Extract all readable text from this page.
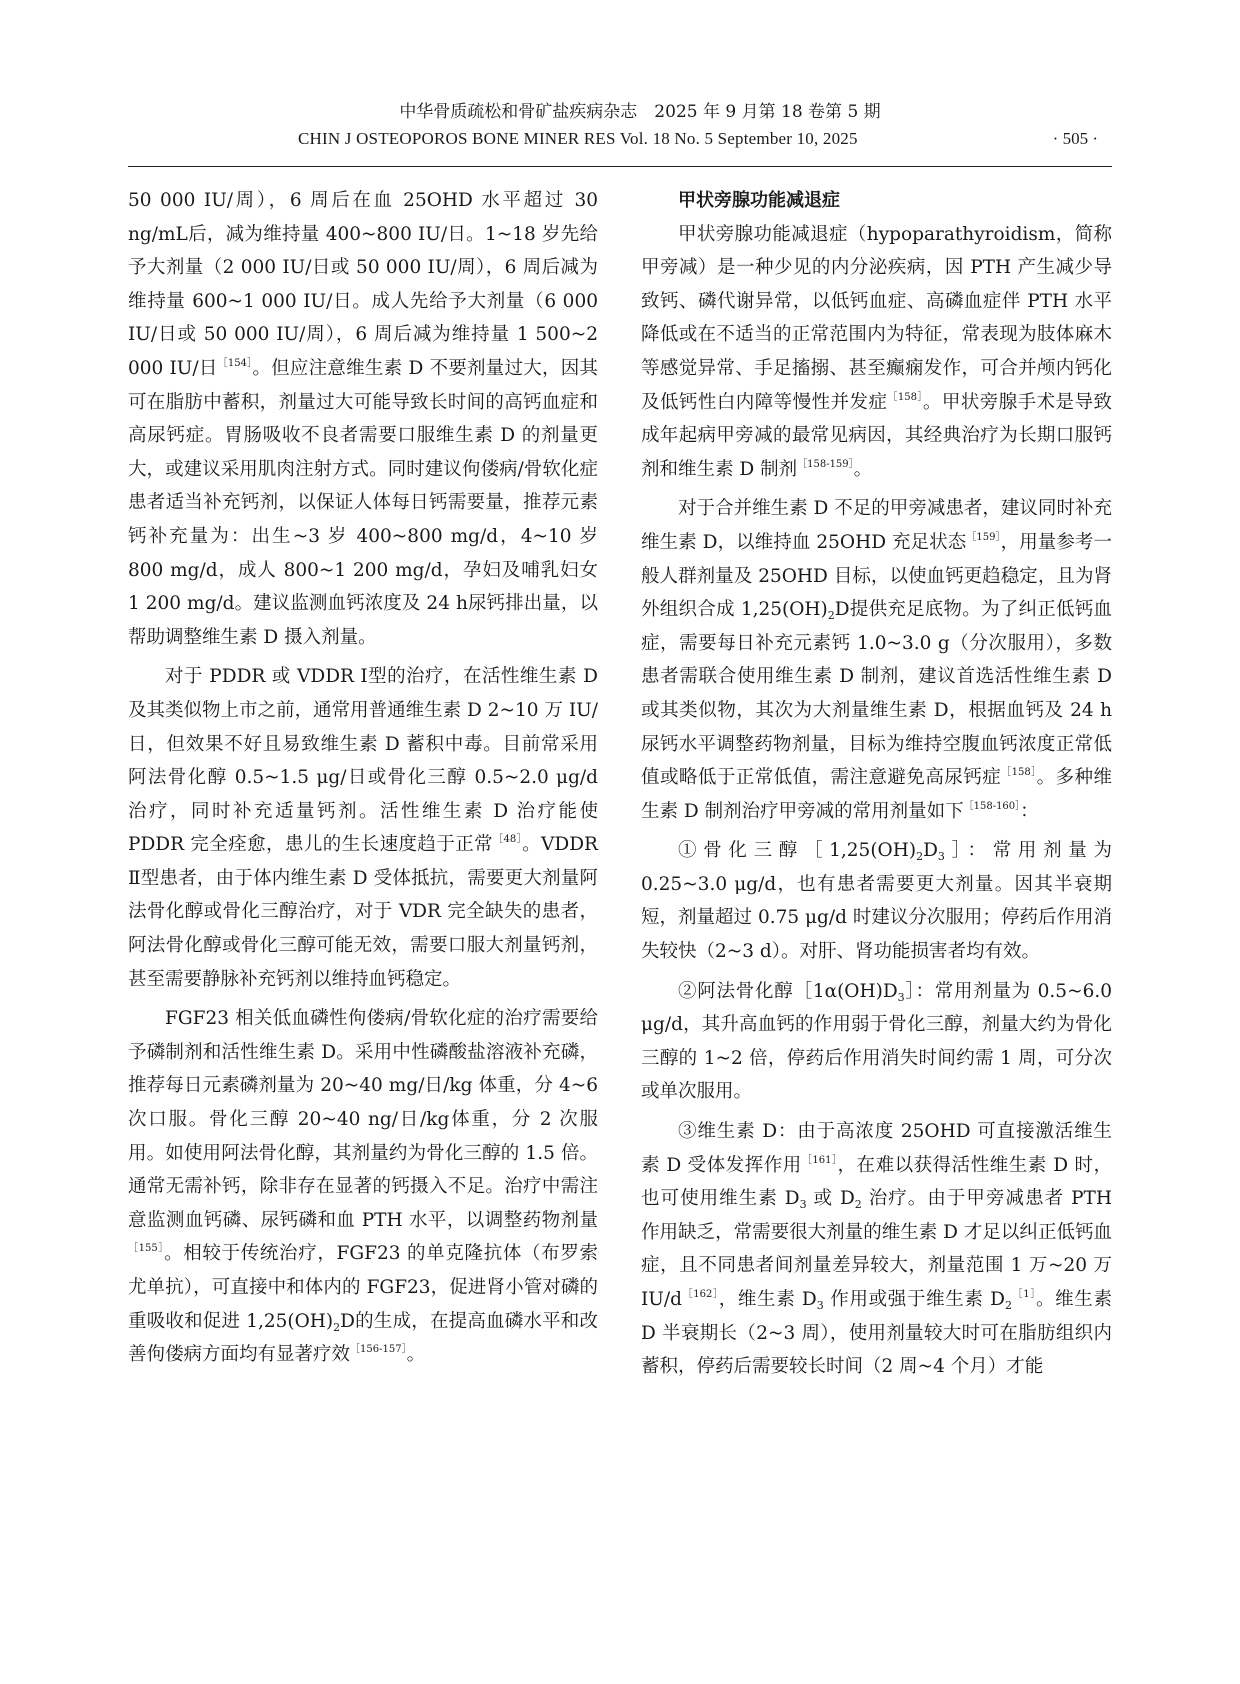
中华骨质疏松和骨矿盐疾病杂志　2025 年 9 月第 18 卷第 5 期
CHIN J OSTEOPOROS BONE MINER RES Vol. 18 No. 5 September 10, 2025	· 505 ·

50 000 IU/周），6 周后在血 25OHD 水平超过 30 ng/mL后，减为维持量 400~800 IU/日。1~18 岁先给予大剂量（2 000 IU/日或 50 000 IU/周），6 周后减为维持量 600~1 000 IU/日。成人先给予大剂量（6 000 IU/日或 50 000 IU/周），6 周后减为维持量 1 500~2 000 IU/日$^{[154]}$。但应注意维生素 D 不要剂量过大，因其可在脂肪中蓄积，剂量过大可能导致长时间的高钙血症和高尿钙症。胃肠吸收不良者需要口服维生素 D 的剂量更大，或建议采用肌肉注射方式。同时建议佝偻病/骨软化症患者适当补充钙剂，以保证人体每日钙需要量，推荐元素钙补充量为：出生~3 岁 400~800 mg/d，4~10 岁 800 mg/d，成人 800~1 200 mg/d，孕妇及哺乳妇女 1 200 mg/d。建议监测血钙浓度及 24 h尿钙排出量，以帮助调整维生素 D 摄入剂量。

对于 PDDR 或 VDDR Ⅰ型的治疗，在活性维生素 D 及其类似物上市之前，通常用普通维生素 D 2~10 万 IU/日，但效果不好且易致维生素 D 蓄积中毒。目前常采用阿法骨化醇 0.5~1.5 μg/日或骨化三醇 0.5~2.0 μg/d 治疗，同时补充适量钙剂。活性维生素 D 治疗能使 PDDR 完全痊愈，患儿的生长速度趋于正常$^{[48]}$。VDDR Ⅱ型患者，由于体内维生素 D 受体抵抗，需要更大剂量阿法骨化醇或骨化三醇治疗，对于 VDR 完全缺失的患者，阿法骨化醇或骨化三醇可能无效，需要口服大剂量钙剂，甚至需要静脉补充钙剂以维持血钙稳定。

FGF23 相关低血磷性佝偻病/骨软化症的治疗需要给予磷制剂和活性维生素 D。采用中性磷酸盐溶液补充磷，推荐每日元素磷剂量为 20~40 mg/日/kg 体重，分 4~6 次口服。骨化三醇 20~40 ng/日/kg体重，分 2 次服用。如使用阿法骨化醇，其剂量约为骨化三醇的 1.5 倍。通常无需补钙，除非存在显著的钙摄入不足。治疗中需注意监测血钙磷、尿钙磷和血 PTH 水平，以调整药物剂量$^{[155]}$。相较于传统治疗，FGF23 的单克隆抗体（布罗索尤单抗），可直接中和体内的 FGF23，促进肾小管对磷的重吸收和促进 $1,25(OH)_2D$的生成，在提高血磷水平和改善佝偻病方面均有显著疗效$^{[156-157]}$。

甲状旁腺功能减退症

甲状旁腺功能减退症（hypoparathyroidism，简称甲旁减）是一种少见的内分泌疾病，因 PTH 产生减少导致钙、磷代谢异常，以低钙血症、高磷血症伴 PTH 水平降低或在不适当的正常范围内为特征，常表现为肢体麻木等感觉异常、手足搐搦、甚至癫痫发作，可合并颅内钙化及低钙性白内障等慢性并发症$^{[158]}$。甲状旁腺手术是导致成年起病甲旁减的最常见病因，其经典治疗为长期口服钙剂和维生素 D 制剂$^{[158-159]}$。

对于合并维生素 D 不足的甲旁减患者，建议同时补充维生素 D，以维持血 25OHD 充足状态$^{[159]}$，用量参考一般人群剂量及 25OHD 目标，以使血钙更趋稳定，且为肾外组织合成 $1,25(OH)_2D$提供充足底物。为了纠正低钙血症，需要每日补充元素钙 1.0~3.0 g（分次服用），多数患者需联合使用维生素 D 制剂，建议首选活性维生素 D 或其类似物，其次为大剂量维生素 D，根据血钙及 24 h 尿钙水平调整药物剂量，目标为维持空腹血钙浓度正常低值或略低于正常低值，需注意避免高尿钙症$^{[158]}$。多种维生素 D 制剂治疗甲旁减的常用剂量如下$^{[158-160]}$：

①骨化三醇$[1,25(OH)_2D_3]$：常用剂量为 0.25~3.0 μg/d，也有患者需要更大剂量。因其半衰期短，剂量超过 0.75 μg/d 时建议分次服用；停药后作用消失较快（2~3 d）。对肝、肾功能损害者均有效。

②阿法骨化醇$[1\alpha(OH)D_3]$：常用剂量为 0.5~6.0 μg/d，其升高血钙的作用弱于骨化三醇，剂量大约为骨化三醇的 1~2 倍，停药后作用消失时间约需 1 周，可分次或单次服用。

③维生素 D：由于高浓度 25OHD 可直接激活维生素 D 受体发挥作用$^{[161]}$，在难以获得活性维生素 D 时，也可使用维生素 $D_3$ 或 $D_2$ 治疗。由于甲旁减患者 PTH 作用缺乏，常需要很大剂量的维生素 D 才足以纠正低钙血症，且不同患者间剂量差异较大，剂量范围 1 万~20 万 $IU/d^{[162]}$，维生素 $D_3$ 作用或强于维生素 $D_2^{[1]}$。维生素 D 半衰期长（2~3 周），使用剂量较大时可在脂肪组织内蓄积，停药后需要较长时间（2 周~4 个月）才能
